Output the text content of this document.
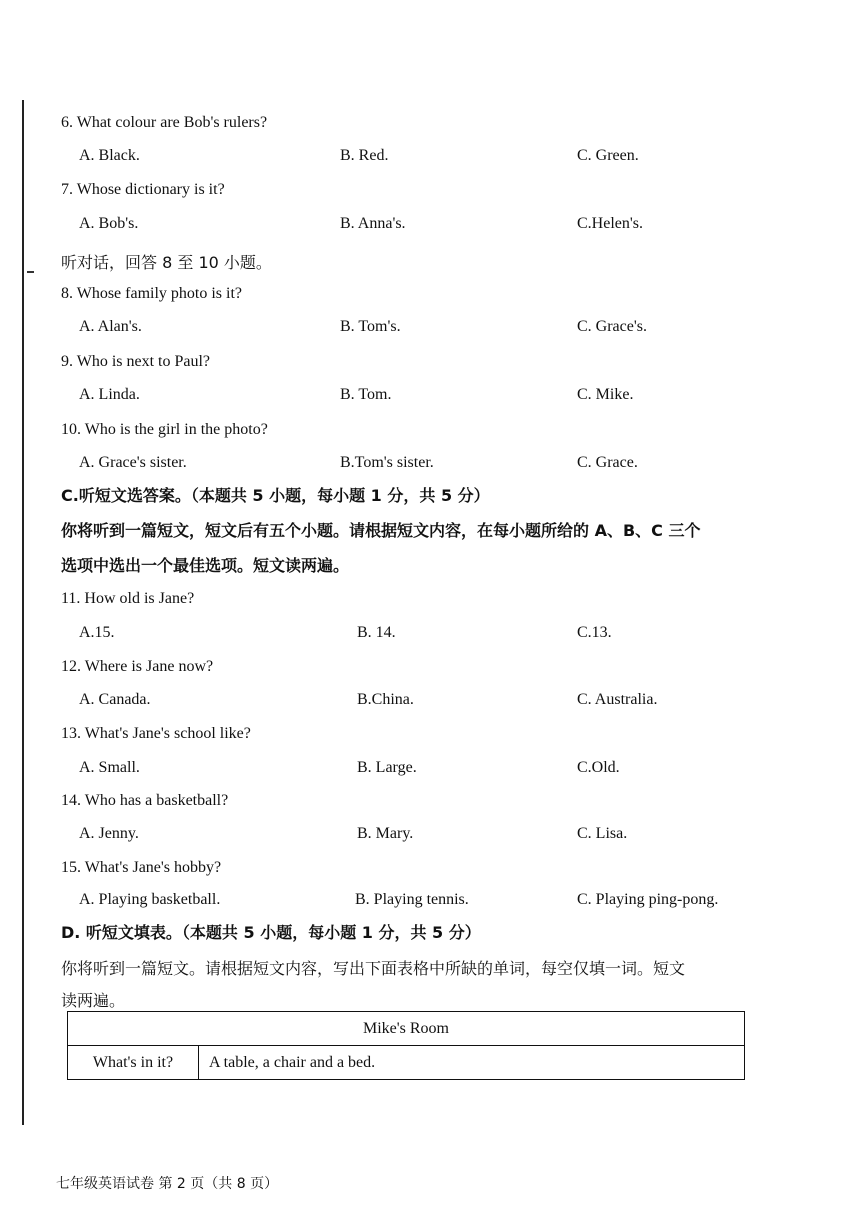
6. What colour are Bob's rulers?
A. Black.	B. Red.	C. Green.
7. Whose dictionary is it?
A. Bob's.	B. Anna's.	C.Helen's.
听对话，回答 8 至 10 小题。
8. Whose family photo is it?
A. Alan's.	B. Tom's.	C. Grace's.
9. Who is next to Paul?
A. Linda.	B. Tom.	C. Mike.
10. Who is the girl in the photo?
A. Grace's sister.	B.Tom's sister.	C. Grace.
C.听短文选答案。（本题共 5 小题，每小题 1 分，共 5 分）
你将听到一篇短文，短文后有五个小题。请根据短文内容，在每小题所给的 A、B、C 三个
选项中选出一个最佳选项。短文读两遍。
11. How old is Jane?
A.15.	B. 14.	C.13.
12. Where is Jane now?
A. Canada.	B.China.	C. Australia.
13. What's Jane's school like?
A. Small.	B. Large.	C.Old.
14. Who has a basketball?
A. Jenny.	B. Mary.	C. Lisa.
15. What's Jane's hobby?
A. Playing basketball.	B. Playing tennis.	C. Playing ping-pong.
D. 听短文填表。（本题共 5 小题，每小题 1 分，共 5 分）
你将听到一篇短文。请根据短文内容，写出下面表格中所缺的单词，每空仅填一词。短文
读两遍。
Mike's Room
What's in it?	A table, a chair and a bed.
七年级英语试卷 第 2 页（共 8 页）
